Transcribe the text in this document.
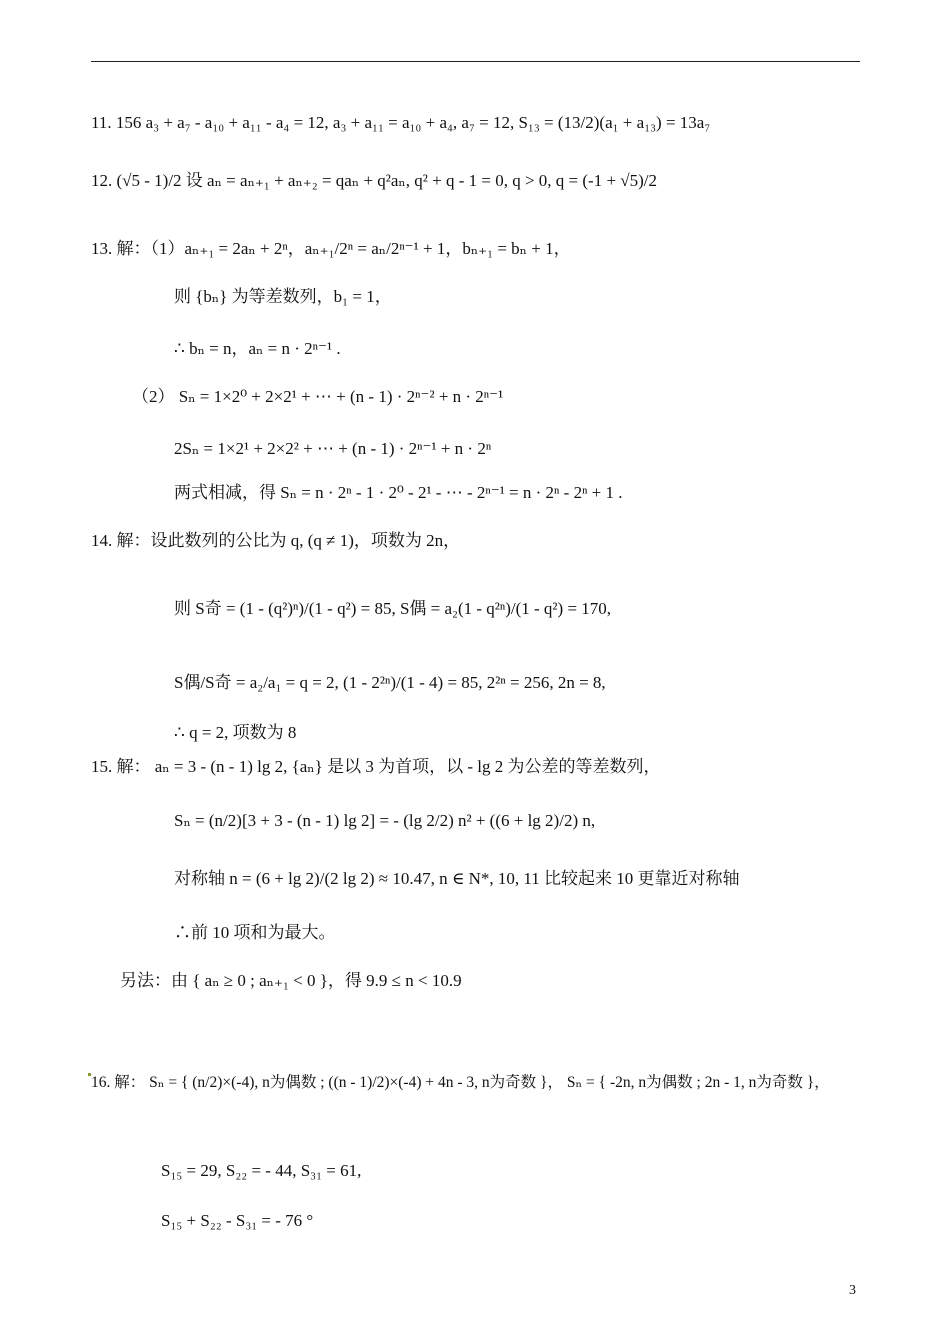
11. 156 a₃ + a₇ - a₁₀ + a₁₁ - a₄ = 12, a₃ + a₁₁ = a₁₀ + a₄, a₇ = 12, S₁₃ = (13/2)(a₁ + a₁₃) = 13a₇
12. (√5 - 1)/2 设 aₙ = aₙ₊₁ + aₙ₊₂ = qaₙ + q²aₙ, q² + q - 1 = 0, q > 0, q = (-1 + √5)/2
13. 解：（1）aₙ₊₁ = 2aₙ + 2ⁿ，aₙ₊₁/2ⁿ = aₙ/2ⁿ⁻¹ + 1，bₙ₊₁ = bₙ + 1，
则 {bₙ} 为等差数列，b₁ = 1，
∴ bₙ = n，aₙ = n · 2ⁿ⁻¹ .
（2） Sₙ = 1×2⁰ + 2×2¹ + ⋯ + (n - 1) · 2ⁿ⁻² + n · 2ⁿ⁻¹
2Sₙ = 1×2¹ + 2×2² + ⋯ + (n - 1) · 2ⁿ⁻¹ + n · 2ⁿ
两式相减，得 Sₙ = n · 2ⁿ - 1 · 2⁰ - 2¹ - ⋯ - 2ⁿ⁻¹ = n · 2ⁿ - 2ⁿ + 1 .
14. 解：设此数列的公比为 q, (q ≠ 1)，项数为 2n，
则 S奇 = (1 - (q²)ⁿ)/(1 - q²) = 85, S偶 = a₂(1 - q²ⁿ)/(1 - q²) = 170,
S偶/S奇 = a₂/a₁ = q = 2, (1 - 2²ⁿ)/(1 - 4) = 85, 2²ⁿ = 256, 2n = 8,
∴ q = 2, 项数为 8
15. 解： aₙ = 3 - (n - 1) lg 2, {aₙ} 是以 3 为首项，以 - lg 2 为公差的等差数列，
Sₙ = (n/2)[3 + 3 - (n - 1) lg 2] = - (lg 2/2) n² + ((6 + lg 2)/2) n,
对称轴 n = (6 + lg 2)/(2 lg 2) ≈ 10.47, n ∈ N*, 10, 11 比较起来 10 更靠近对称轴
∴前 10 项和为最大。
另法：由 { aₙ ≥ 0 ; aₙ₊₁ < 0 }，得 9.9 ≤ n < 10.9
16. 解： Sₙ = { (n/2)×(-4), n为偶数 ; ((n - 1)/2)×(-4) + 4n - 3, n为奇数 }， Sₙ = { -2n, n为偶数 ; 2n - 1, n为奇数 }，
S₁₅ = 29, S₂₂ = - 44, S₃₁ = 61,
S₁₅ + S₂₂ - S₃₁ = - 76 °
3
